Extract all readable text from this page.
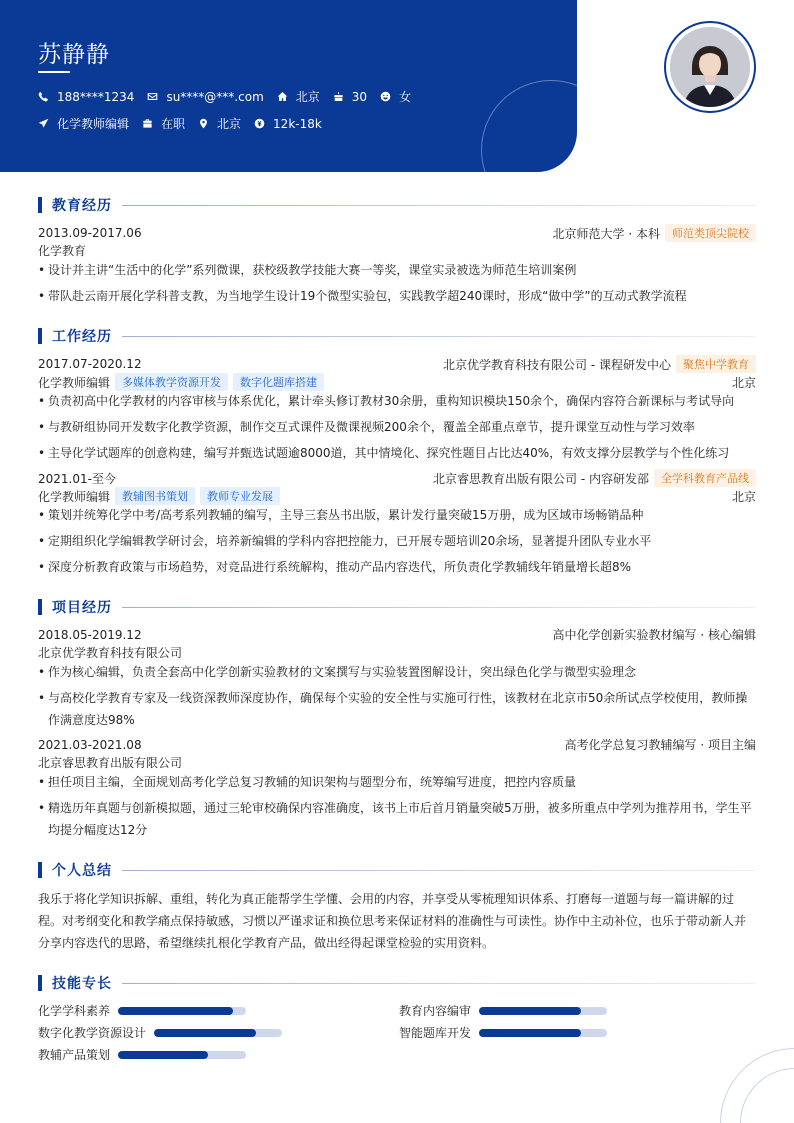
苏静静
188****1234	su****@***.com	北京	30	女
化学教师编辑	在职	北京	12k-18k
教育经历
2013.09-2017.06	北京师范大学 · 本科	师范类顶尖院校
化学教育
• 设计并主讲“生活中的化学”系列微课，获校级教学技能大赛一等奖，课堂实录被选为师范生培训案例
• 带队赴云南开展化学科普支教，为当地学生设计19个微型实验包，实践教学超240课时，形成“做中学”的互动式教学流程
工作经历
2017.07-2020.12	北京优学教育科技有限公司 - 课程研发中心	聚焦中学教育
化学教师编辑	多媒体教学资源开发	数字化题库搭建	北京
• 负责初高中化学教材的内容审核与体系优化，累计牵头修订教材30余册，重构知识模块150余个，确保内容符合新课标与考试导向
• 与教研组协同开发数字化教学资源，制作交互式课件及微课视频200余个，覆盖全部重点章节，提升课堂互动性与学习效率
• 主导化学试题库的创意构建，编写并甄选试题逾8000道，其中情境化、探究性题目占比达40%，有效支撑分层教学与个性化练习
2021.01-至今	北京睿思教育出版有限公司 - 内容研发部	全学科教育产品线
化学教师编辑	教辅图书策划	教师专业发展	北京
• 策划并统筹化学中考/高考系列教辅的编写，主导三套丛书出版，累计发行量突破15万册，成为区域市场畅销品种
• 定期组织化学编辑教学研讨会，培养新编辑的学科内容把控能力，已开展专题培训20余场，显著提升团队专业水平
• 深度分析教育政策与市场趋势，对竞品进行系统解构，推动产品内容迭代，所负责化学教辅线年销量增长超8%
项目经历
2018.05-2019.12	高中化学创新实验教材编写 · 核心编辑
北京优学教育科技有限公司
• 作为核心编辑，负责全套高中化学创新实验教材的文案撰写与实验装置图解设计，突出绿色化学与微型实验理念
• 与高校化学教育专家及一线资深教师深度协作，确保每个实验的安全性与实施可行性，该教材在北京市50余所试点学校使用，教师操作满意度达98%
2021.03-2021.08	高考化学总复习教辅编写 · 项目主编
北京睿思教育出版有限公司
• 担任项目主编，全面规划高考化学总复习教辅的知识架构与题型分布，统筹编写进度，把控内容质量
• 精选历年真题与创新模拟题，通过三轮审校确保内容准确度，该书上市后首月销量突破5万册，被多所重点中学列为推荐用书，学生平均提分幅度达12分
个人总结
我乐于将化学知识拆解、重组，转化为真正能帮学生学懂、会用的内容，并享受从零梳理知识体系、打磨每一道题与每一篇讲解的过程。对考纲变化和教学痛点保持敏感，习惯以严谨求证和换位思考来保证材料的准确性与可读性。协作中主动补位，也乐于带动新人并分享内容迭代的思路，希望继续扎根化学教育产品，做出经得起课堂检验的实用资料。
技能专长
化学学科素养	教育内容编审
数字化教学资源设计	智能题库开发
教辅产品策划
